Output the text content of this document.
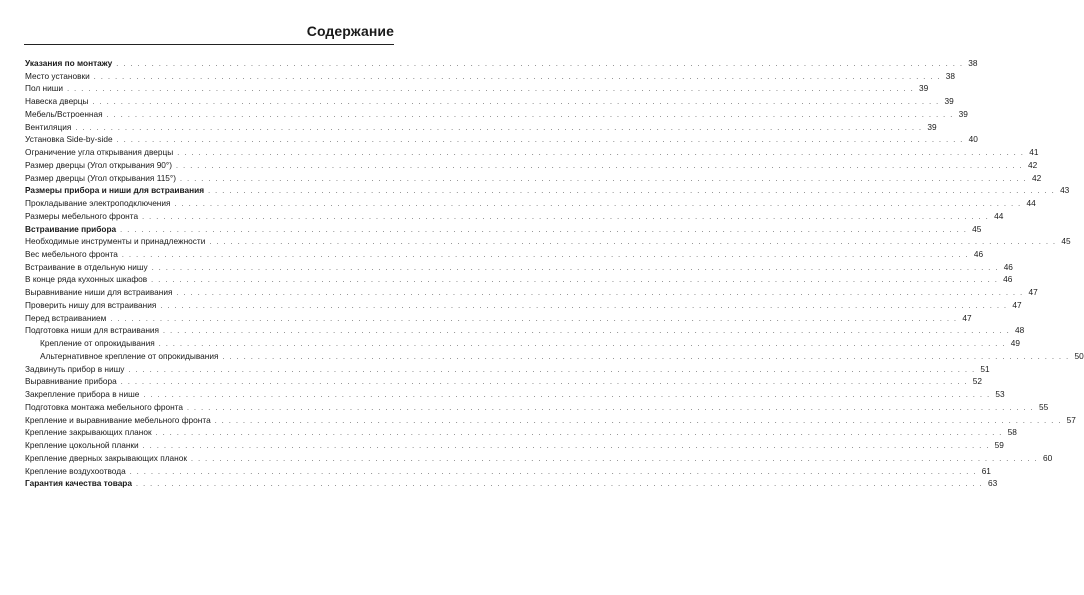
Содержание
Указания по монтажу . . . . . . . . . . . . . . . . . . . . . . . . . . . . . . . . . . . . . . . . . . . . . . . . . . . . . . . . . . . . . . . . . . . . . . . . . . . . . . . . . . . . . . . . . . . . . . . . . . . . . . . . . . . . . . . . . . . . . . . . 38
Место установки . . . . . . . . . . . . . . . . . . . . . . . . . . . . . . . . . . . . . . . . . . . . . . . . . . . . . . . . . . . . . . . . . . . . . . . . . . . . . . . . . . . . . . . . . . . . . . . . . . . . . . . . . . . . . . . . . . . . . . . . 38
Пол ниши . . . . . . . . . . . . . . . . . . . . . . . . . . . . . . . . . . . . . . . . . . . . . . . . . . . . . . . . . . . . . . . . . . . . . . . . . . . . . . . . . . . . . . . . . . . . . . . . . . . . . . . . . . . . . . . . . . . . . . . . 39
Навеска дверцы . . . . . . . . . . . . . . . . . . . . . . . . . . . . . . . . . . . . . . . . . . . . . . . . . . . . . . . . . . . . . . . . . . . . . . . . . . . . . . . . . . . . . . . . . . . . . . . . . . . . . . . . . . . . . . . . . . . . . . . . 39
Мебель/Встроенная . . . . . . . . . . . . . . . . . . . . . . . . . . . . . . . . . . . . . . . . . . . . . . . . . . . . . . . . . . . . . . . . . . . . . . . . . . . . . . . . . . . . . . . . . . . . . . . . . . . . . . . . . . . . . . . . . . . . . . . . 39
Вентиляция . . . . . . . . . . . . . . . . . . . . . . . . . . . . . . . . . . . . . . . . . . . . . . . . . . . . . . . . . . . . . . . . . . . . . . . . . . . . . . . . . . . . . . . . . . . . . . . . . . . . . . . . . . . . . . . . . . . . . . . . 39
Установка Side-by-side . . . . . . . . . . . . . . . . . . . . . . . . . . . . . . . . . . . . . . . . . . . . . . . . . . . . . . . . . . . . . . . . . . . . . . . . . . . . . . . . . . . . . . . . . . . . . . . . . . . . . . . . . . . . . . . . . . . . . . . . 40
Ограничение угла открывания дверцы . . . . . . . . . . . . . . . . . . . . . . . . . . . . . . . . . . . . . . . . . . . . . . . . . . . . . . . . . . . . . . . . . . . . . . . . . . . . . . . . . . . . . . . . . . . . . . . . . . . . . . . . . . . . . . . . . . . . . . . . 41
Размер дверцы (Угол открывания 90°) . . . . . . . . . . . . . . . . . . . . . . . . . . . . . . . . . . . . . . . . . . . . . . . . . . . . . . . . . . . . . . . . . . . . . . . . . . . . . . . . . . . . . . . . . . . . . . . . . . . . . . . . . . . . . . . . . . . . . . . . 42
Размер дверцы (Угол открывания 115°) . . . . . . . . . . . . . . . . . . . . . . . . . . . . . . . . . . . . . . . . . . . . . . . . . . . . . . . . . . . . . . . . . . . . . . . . . . . . . . . . . . . . . . . . . . . . . . . . . . . . . . . . . . . . . . . . . . . . . . . . 42
Размеры прибора и ниши для встраивания . . . . . . . . . . . . . . . . . . . . . . . . . . . . . . . . . . . . . . . . . . . . . . . . . . . . . . . . . . . . . . . . . . . . . . . . . . . . . . . . . . . . . . . . . . . . . . . . . . . . . . . . . . . . . . . . . . . . . . . . 43
Прокладывание электроподключения . . . . . . . . . . . . . . . . . . . . . . . . . . . . . . . . . . . . . . . . . . . . . . . . . . . . . . . . . . . . . . . . . . . . . . . . . . . . . . . . . . . . . . . . . . . . . . . . . . . . . . . . . . . . . . . . . . . . . . . . 44
Размеры мебельного фронта . . . . . . . . . . . . . . . . . . . . . . . . . . . . . . . . . . . . . . . . . . . . . . . . . . . . . . . . . . . . . . . . . . . . . . . . . . . . . . . . . . . . . . . . . . . . . . . . . . . . . . . . . . . . . . . . . . . . . . . . 44
Встраивание прибора . . . . . . . . . . . . . . . . . . . . . . . . . . . . . . . . . . . . . . . . . . . . . . . . . . . . . . . . . . . . . . . . . . . . . . . . . . . . . . . . . . . . . . . . . . . . . . . . . . . . . . . . . . . . . . . . . . . . . . . . 45
Необходимые инструменты и принадлежности . . . . . . . . . . . . . . . . . . . . . . . . . . . . . . . . . . . . . . . . . . . . . . . . . . . . . . . . . . . . . . . . . . . . . . . . . . . . . . . . . . . . . . . . . . . . . . . . . . . . . . . . . . . . . . . . . . . . . . . . 45
Вес мебельного фронта . . . . . . . . . . . . . . . . . . . . . . . . . . . . . . . . . . . . . . . . . . . . . . . . . . . . . . . . . . . . . . . . . . . . . . . . . . . . . . . . . . . . . . . . . . . . . . . . . . . . . . . . . . . . . . . . . . . . . . . . 46
Встраивание в отдельную нишу . . . . . . . . . . . . . . . . . . . . . . . . . . . . . . . . . . . . . . . . . . . . . . . . . . . . . . . . . . . . . . . . . . . . . . . . . . . . . . . . . . . . . . . . . . . . . . . . . . . . . . . . . . . . . . . . . . . . . . . . 46
В конце ряда кухонных шкафов . . . . . . . . . . . . . . . . . . . . . . . . . . . . . . . . . . . . . . . . . . . . . . . . . . . . . . . . . . . . . . . . . . . . . . . . . . . . . . . . . . . . . . . . . . . . . . . . . . . . . . . . . . . . . . . . . . . . . . . . 46
Выравнивание ниши для встраивания . . . . . . . . . . . . . . . . . . . . . . . . . . . . . . . . . . . . . . . . . . . . . . . . . . . . . . . . . . . . . . . . . . . . . . . . . . . . . . . . . . . . . . . . . . . . . . . . . . . . . . . . . . . . . . . . . . . . . . . . 47
Проверить нишу для встраивания . . . . . . . . . . . . . . . . . . . . . . . . . . . . . . . . . . . . . . . . . . . . . . . . . . . . . . . . . . . . . . . . . . . . . . . . . . . . . . . . . . . . . . . . . . . . . . . . . . . . . . . . . . . . . . . . . . . . . . . . 47
Перед встраиванием . . . . . . . . . . . . . . . . . . . . . . . . . . . . . . . . . . . . . . . . . . . . . . . . . . . . . . . . . . . . . . . . . . . . . . . . . . . . . . . . . . . . . . . . . . . . . . . . . . . . . . . . . . . . . . . . . . . . . . . . 47
Подготовка ниши для встраивания . . . . . . . . . . . . . . . . . . . . . . . . . . . . . . . . . . . . . . . . . . . . . . . . . . . . . . . . . . . . . . . . . . . . . . . . . . . . . . . . . . . . . . . . . . . . . . . . . . . . . . . . . . . . . . . . . . . . . . . . 48
Крепление от опрокидывания . . . . . . . . . . . . . . . . . . . . . . . . . . . . . . . . . . . . . . . . . . . . . . . . . . . . . . . . . . . . . . . . . . . . . . . . . . . . . . . . . . . . . . . . . . . . . . . . . . . . . . . . . . . . . . . . . . . . . . . . 49
Альтернативное крепление от опрокидывания . . . . . . . . . . . . . . . . . . . . . . . . . . . . . . . . . . . . . . . . . . . . . . . . . . . . . . . . . . . . . . . . . . . . . . . . . . . . . . . . . . . . . . . . . . . . . . . . . . . . . . . . . . . . . . . . . . . . . . . . 50
Задвинуть прибор в нишу . . . . . . . . . . . . . . . . . . . . . . . . . . . . . . . . . . . . . . . . . . . . . . . . . . . . . . . . . . . . . . . . . . . . . . . . . . . . . . . . . . . . . . . . . . . . . . . . . . . . . . . . . . . . . . . . . . . . . . . . 51
Выравнивание прибора . . . . . . . . . . . . . . . . . . . . . . . . . . . . . . . . . . . . . . . . . . . . . . . . . . . . . . . . . . . . . . . . . . . . . . . . . . . . . . . . . . . . . . . . . . . . . . . . . . . . . . . . . . . . . . . . . . . . . . . . 52
Закрепление прибора в нише . . . . . . . . . . . . . . . . . . . . . . . . . . . . . . . . . . . . . . . . . . . . . . . . . . . . . . . . . . . . . . . . . . . . . . . . . . . . . . . . . . . . . . . . . . . . . . . . . . . . . . . . . . . . . . . . . . . . . . . . 53
Подготовка монтажа мебельного фронта . . . . . . . . . . . . . . . . . . . . . . . . . . . . . . . . . . . . . . . . . . . . . . . . . . . . . . . . . . . . . . . . . . . . . . . . . . . . . . . . . . . . . . . . . . . . . . . . . . . . . . . . . . . . . . . . . . . . . . . . 55
Крепление и выравнивание мебельного фронта . . . . . . . . . . . . . . . . . . . . . . . . . . . . . . . . . . . . . . . . . . . . . . . . . . . . . . . . . . . . . . . . . . . . . . . . . . . . . . . . . . . . . . . . . . . . . . . . . . . . . . . . . . . . . . . . . . . . . . . . 57
Крепление закрывающих планок . . . . . . . . . . . . . . . . . . . . . . . . . . . . . . . . . . . . . . . . . . . . . . . . . . . . . . . . . . . . . . . . . . . . . . . . . . . . . . . . . . . . . . . . . . . . . . . . . . . . . . . . . . . . . . . . . . . . . . . . 58
Крепление цокольной планки . . . . . . . . . . . . . . . . . . . . . . . . . . . . . . . . . . . . . . . . . . . . . . . . . . . . . . . . . . . . . . . . . . . . . . . . . . . . . . . . . . . . . . . . . . . . . . . . . . . . . . . . . . . . . . . . . . . . . . . . 59
Крепление дверных закрывающих планок . . . . . . . . . . . . . . . . . . . . . . . . . . . . . . . . . . . . . . . . . . . . . . . . . . . . . . . . . . . . . . . . . . . . . . . . . . . . . . . . . . . . . . . . . . . . . . . . . . . . . . . . . . . . . . . . . . . . . . . . 60
Крепление воздухоотвода . . . . . . . . . . . . . . . . . . . . . . . . . . . . . . . . . . . . . . . . . . . . . . . . . . . . . . . . . . . . . . . . . . . . . . . . . . . . . . . . . . . . . . . . . . . . . . . . . . . . . . . . . . . . . . . . . . . . . . . . 61
Гарантия качества товара . . . . . . . . . . . . . . . . . . . . . . . . . . . . . . . . . . . . . . . . . . . . . . . . . . . . . . . . . . . . . . . . . . . . . . . . . . . . . . . . . . . . . . . . . . . . . . . . . . . . . . . . . . . . . . . . . . . . . . . . 63
